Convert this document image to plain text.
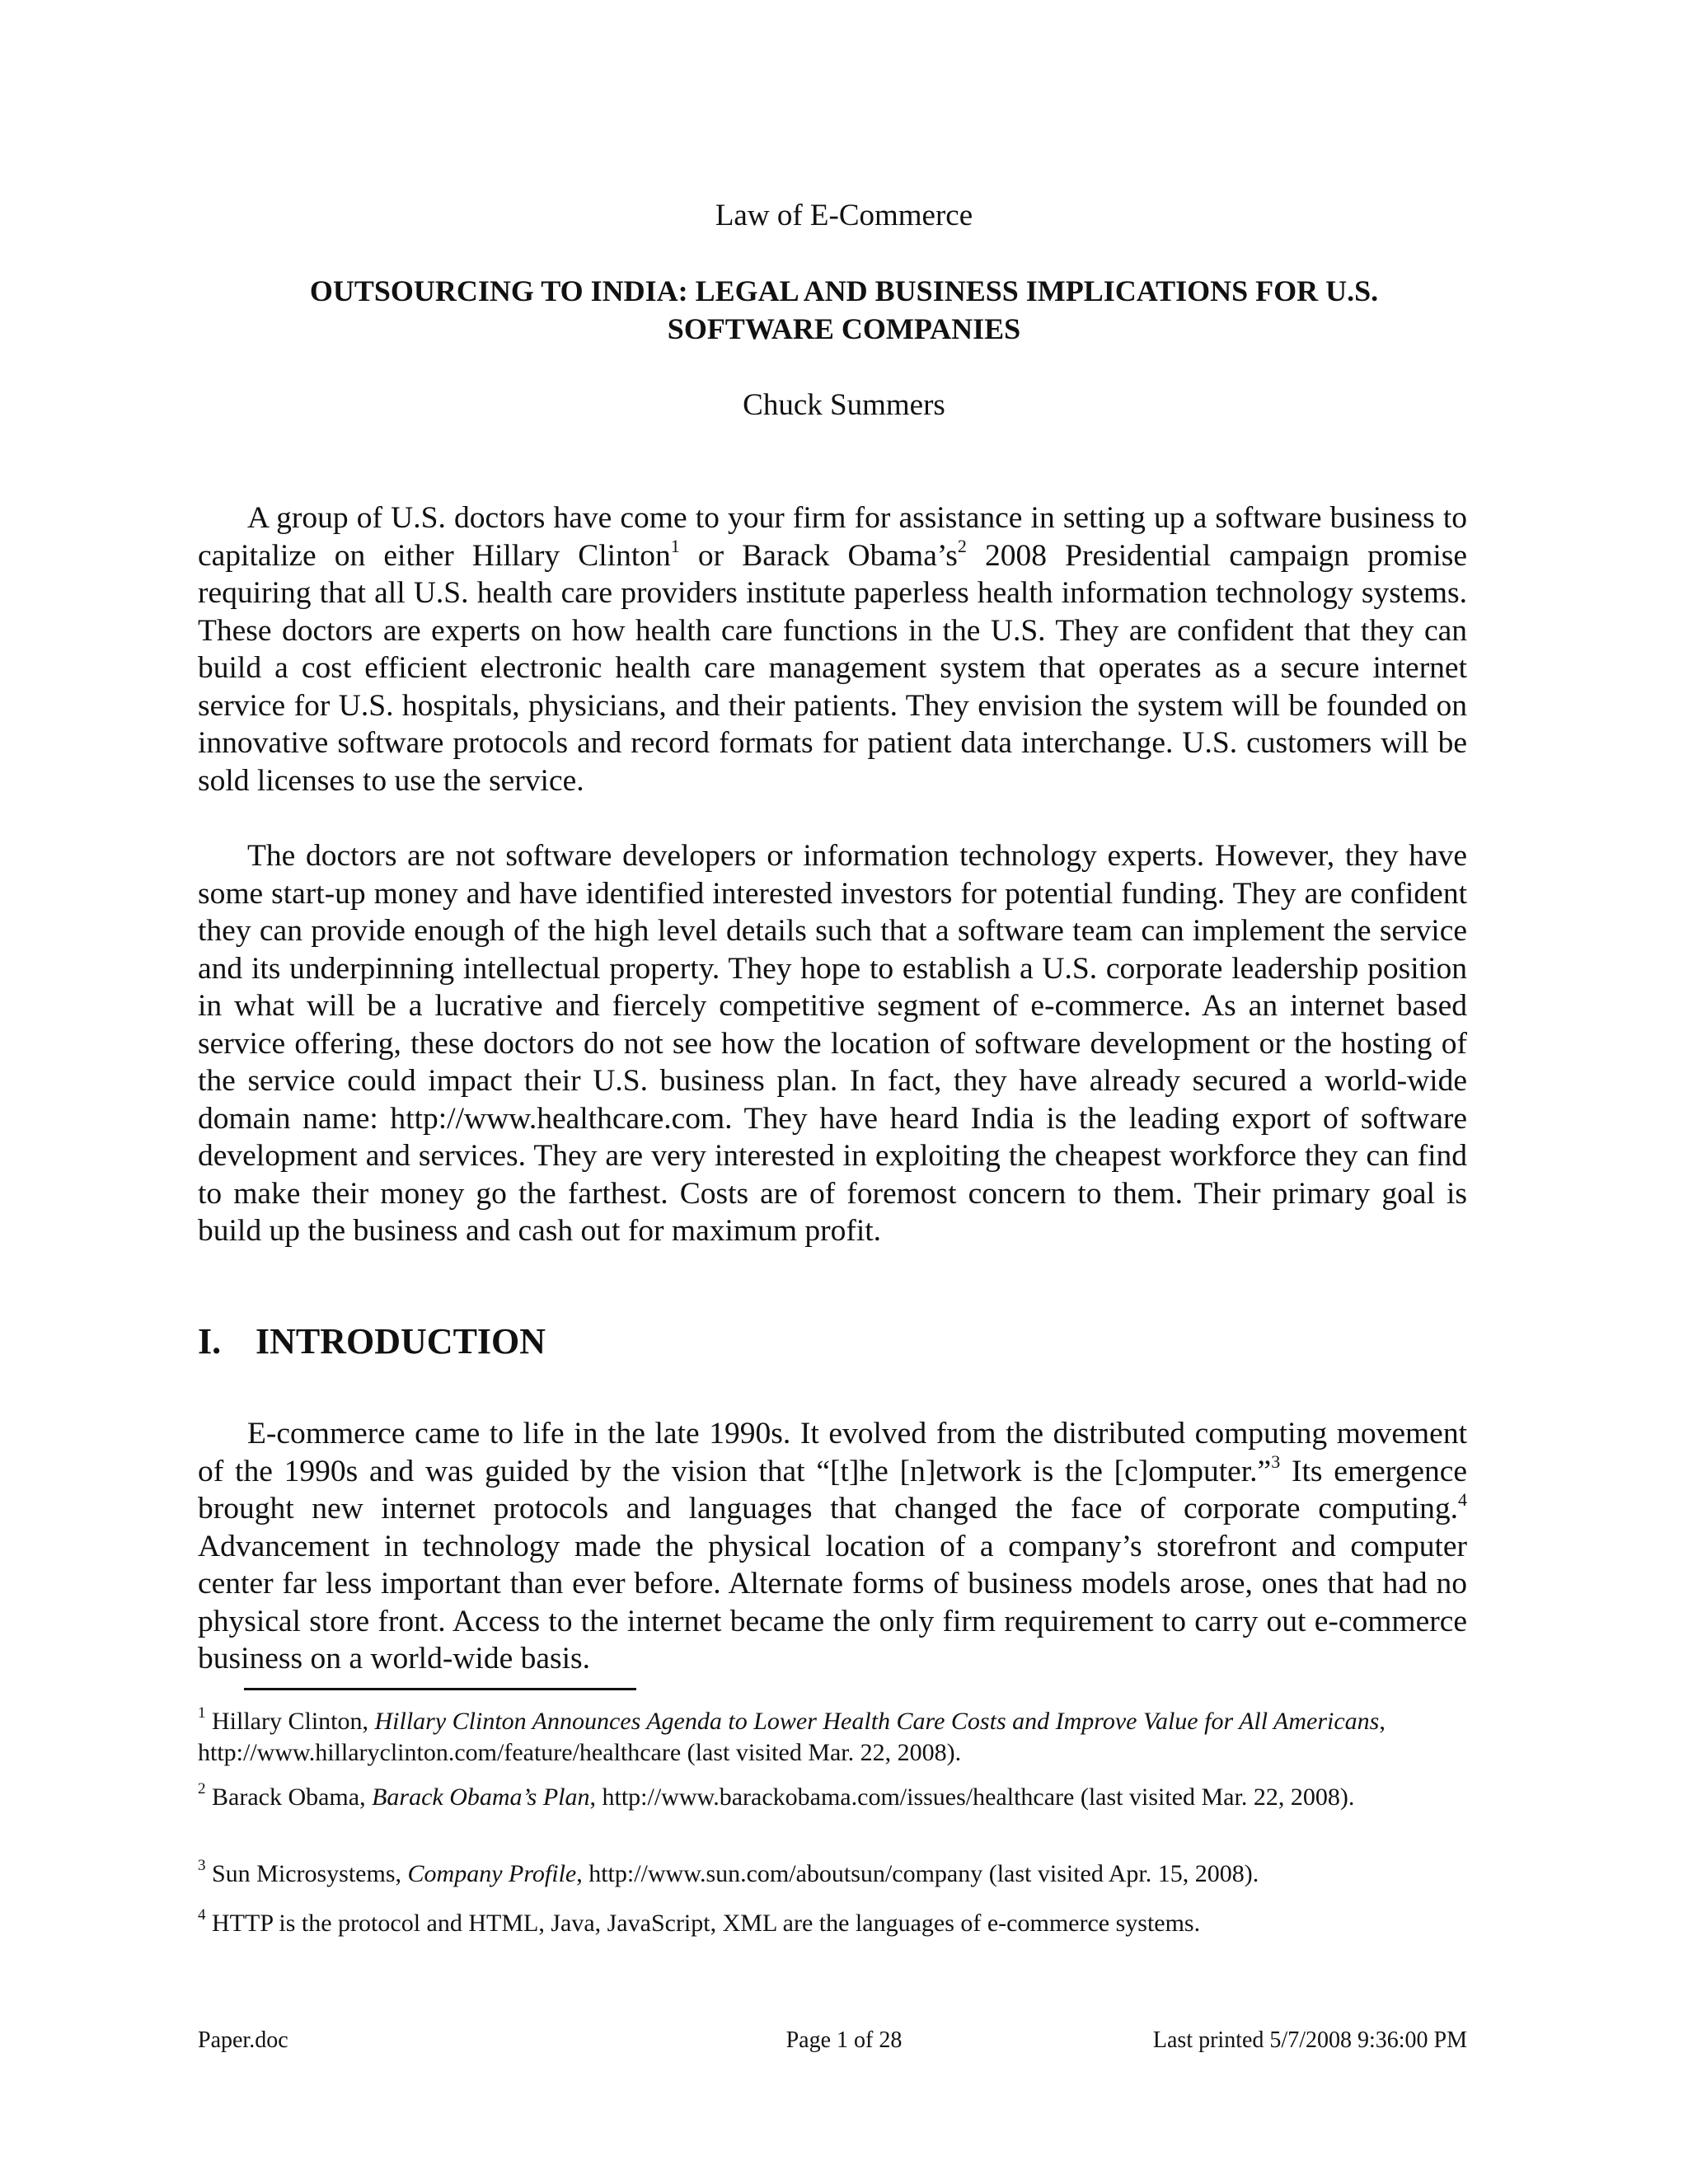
Law of E-Commerce
OUTSOURCING TO INDIA: LEGAL AND BUSINESS IMPLICATIONS FOR U.S.
SOFTWARE COMPANIES
Chuck Summers

A group of U.S. doctors have come to your firm for assistance in setting up a software business to capitalize on either Hillary Clinton$^1$ or Barack $Obama’s^2$ 2008 Presidential campaign promise requiring that all U.S. health care providers institute paperless health information technology systems. These doctors are experts on how health care functions in the U.S. They are confident that they can build a cost efficient electronic health care management system that operates as a secure internet service for U.S. hospitals, physicians, and their patients. They envision the system will be founded on innovative software protocols and record formats for patient data interchange. U.S. customers will be sold licenses to use the service.

The doctors are not software developers or information technology experts. However, they have some start-up money and have identified interested investors for potential funding. They are confident they can provide enough of the high level details such that a software team can implement the service and its underpinning intellectual property. They hope to establish a U.S. corporate leadership position in what will be a lucrative and fiercely competitive segment of e-commerce. As an internet based service offering, these doctors do not see how the location of software development or the hosting of the service could impact their U.S. business plan. In fact, they have already secured a world-wide domain name: http://www.healthcare.com. They have heard India is the leading export of software development and services. They are very interested in exploiting the cheapest workforce they can find to make their money go the farthest. Costs are of foremost concern to them. Their primary goal is build up the business and cash out for maximum profit.

I. INTRODUCTION

E-commerce came to life in the late 1990s. It evolved from the distributed computing movement of the 1990s and was guided by the vision that “[t]he [n]etwork is the [c]omputer.”$^3$ Its emergence brought new internet protocols and languages that changed the face of corporate computing.$^4$ Advancement in technology made the physical location of a company’s storefront and computer center far less important than ever before. Alternate forms of business models arose, ones that had no physical store front. Access to the internet became the only firm requirement to carry out e-commerce business on a world-wide basis.

$^1$ Hillary Clinton, Hillary Clinton Announces Agenda to Lower Health Care Costs and Improve Value for All Americans, http://www.hillaryclinton.com/feature/healthcare (last visited Mar. 22, 2008).

$^2$ Barack Obama, Barack Obama’s Plan, http://www.barackobama.com/issues/healthcare (last visited Mar. 22, 2008).

$^3$ Sun Microsystems, Company Profile, http://www.sun.com/aboutsun/company (last visited Apr. 15, 2008).

$^4$ HTTP is the protocol and HTML, Java, JavaScript, XML are the languages of e-commerce systems.

Paper.doc	Page 1 of 28	Last printed 5/7/2008 9:36:00 PM
